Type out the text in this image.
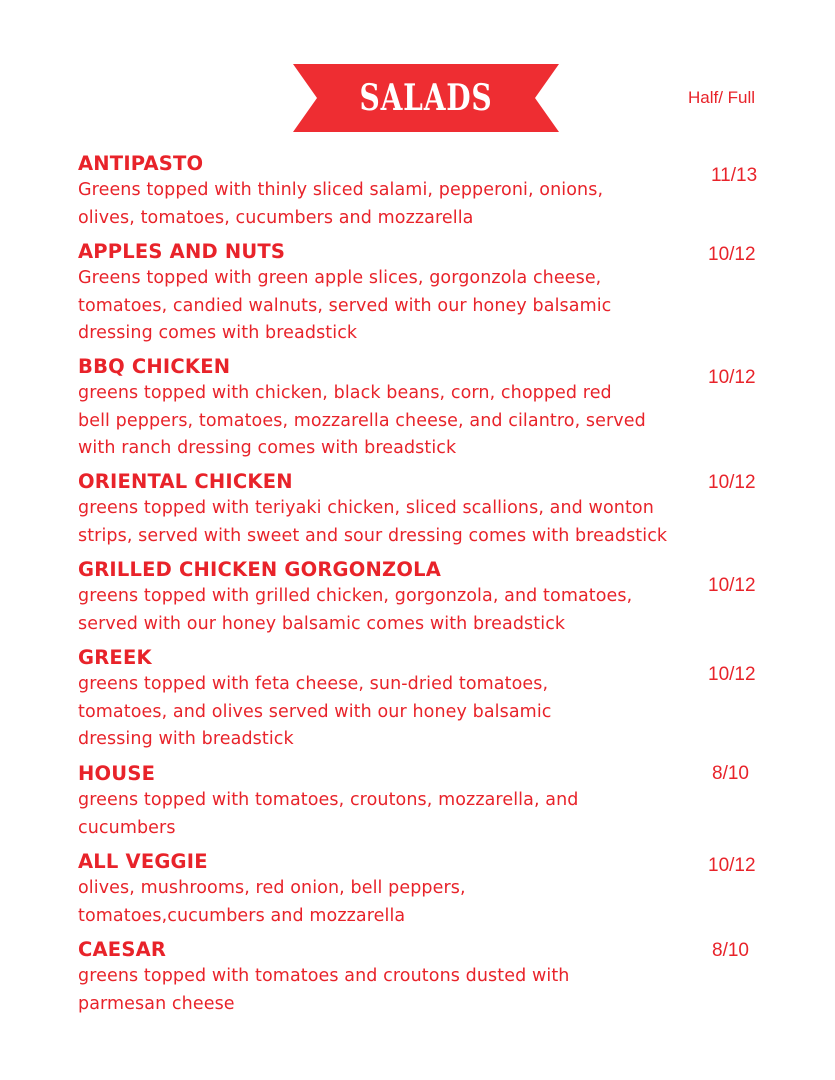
SALADS	Half/ Full
ANTIPASTO
Greens topped with thinly sliced salami, pepperoni, onions,
olives, tomatoes, cucumbers and mozzarella
11/13
APPLES AND NUTS
Greens topped with green apple slices, gorgonzola cheese,
tomatoes, candied walnuts, served with our honey balsamic
dressing comes with breadstick
10/12
BBQ CHICKEN
greens topped with chicken, black beans, corn, chopped red
bell peppers, tomatoes, mozzarella cheese, and cilantro, served
with ranch dressing comes with breadstick
10/12
ORIENTAL CHICKEN
greens topped with teriyaki chicken, sliced scallions, and wonton
strips, served with sweet and sour dressing comes with breadstick
10/12
GRILLED CHICKEN GORGONZOLA
greens topped with grilled chicken, gorgonzola, and tomatoes,
served with our honey balsamic comes with breadstick
10/12
GREEK
greens topped with feta cheese, sun-dried tomatoes,
tomatoes, and olives served with our honey balsamic
dressing with breadstick
10/12
HOUSE
greens topped with tomatoes, croutons, mozzarella, and
cucumbers
8/10
ALL VEGGIE
olives, mushrooms, red onion, bell peppers,
tomatoes,cucumbers and mozzarella
10/12
CAESAR
greens topped with tomatoes and croutons dusted with
parmesan cheese
8/10
